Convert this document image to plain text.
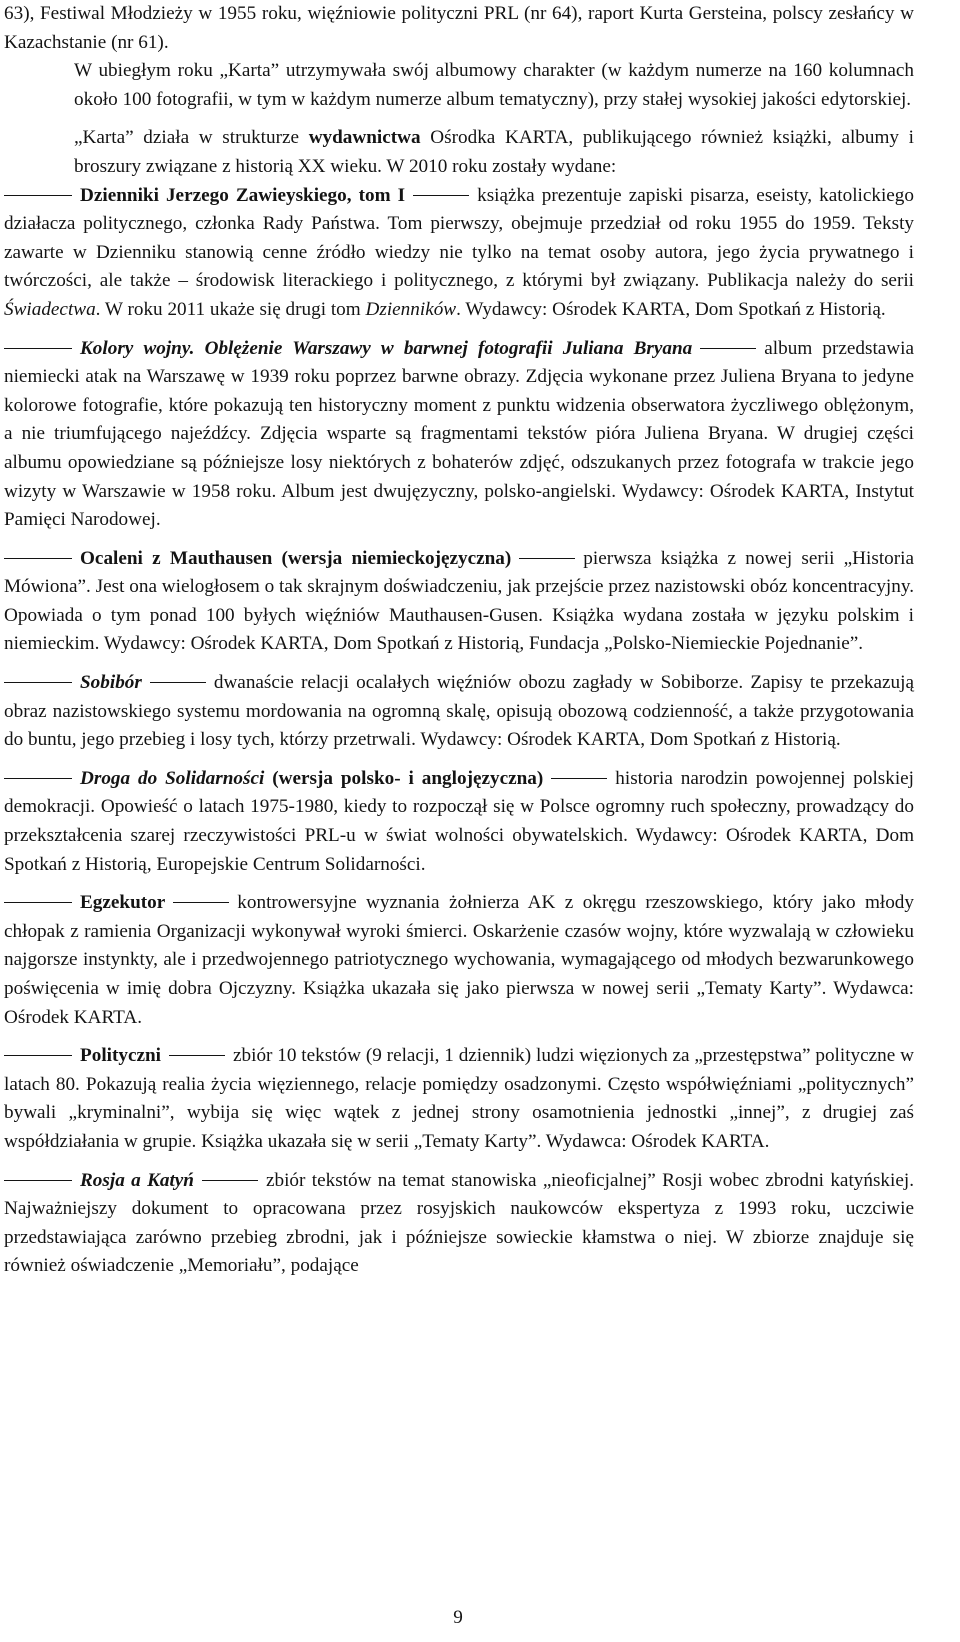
63), Festiwal Młodzieży w 1955 roku, więźniowie polityczni PRL (nr 64), raport Kurta Gersteina, polscy zesłańcy w Kazachstanie (nr 61).

W ubiegłym roku „Karta” utrzymywała swój albumowy charakter (w każdym numerze na 160 kolumnach około 100 fotografii, w tym w każdym numerze album tematyczny), przy stałej wysokiej jakości edytorskiej.

„Karta” działa w strukturze wydawnictwa Ośrodka KARTA, publikującego również książki, albumy i broszury związane z historią XX wieku. W 2010 roku zostały wydane:

Dzienniki Jerzego Zawieyskiego, tom I	książka prezentuje zapiski pisarza, eseisty, katolickiego działacza politycznego, członka Rady Państwa. Tom pierwszy, obejmuje przedział od roku 1955 do 1959. Teksty zawarte w Dzienniku stanowią cenne źródło wiedzy nie tylko na temat osoby autora, jego życia prywatnego i twórczości, ale także – środowisk literackiego i politycznego, z którymi był związany. Publikacja należy do serii Świadectwa. W roku 2011 ukaże się drugi tom Dzienników. Wydawcy: Ośrodek KARTA, Dom Spotkań z Historią.

Kolory wojny. Oblężenie Warszawy w barwnej fotografii Juliana Bryana	album przedstawia niemiecki atak na Warszawę w 1939 roku poprzez barwne obrazy. Zdjęcia wykonane przez Juliena Bryana to jedyne kolorowe fotografie, które pokazują ten historyczny moment z punktu widzenia obserwatora życzliwego oblężonym, a nie triumfującego najeźdźcy. Zdjęcia wsparte są fragmentami tekstów pióra Juliena Bryana. W drugiej części albumu opowiedziane są późniejsze losy niektórych z bohaterów zdjęć, odszukanych przez fotografa w trakcie jego wizyty w Warszawie w 1958 roku. Album jest dwujęzyczny, polsko-angielski. Wydawcy: Ośrodek KARTA, Instytut Pamięci Narodowej.

Ocaleni z Mauthausen (wersja niemieckojęzyczna)	pierwsza książka z nowej serii „Historia Mówiona”. Jest ona wielogłosem o tak skrajnym doświadczeniu, jak przejście przez nazistowski obóz koncentracyjny. Opowiada o tym ponad 100 byłych więźniów Mauthausen-Gusen. Książka wydana została w języku polskim i niemieckim. Wydawcy: Ośrodek KARTA, Dom Spotkań z Historią, Fundacja „Polsko-Niemieckie Pojednanie”.

Sobibór	dwanaście relacji ocalałych więźniów obozu zagłady w Sobiborze. Zapisy te przekazują obraz nazistowskiego systemu mordowania na ogromną skalę, opisują obozową codzienność, a także przygotowania do buntu, jego przebieg i losy tych, którzy przetrwali. Wydawcy: Ośrodek KARTA, Dom Spotkań z Historią.

Droga do Solidarności (wersja polsko- i anglojęzyczna)	historia narodzin powojennej polskiej demokracji. Opowieść o latach 1975-1980, kiedy to rozpoczął się w Polsce ogromny ruch społeczny, prowadzący do przekształcenia szarej rzeczywistości PRL-u w świat wolności obywatelskich. Wydawcy: Ośrodek KARTA, Dom Spotkań z Historią, Europejskie Centrum Solidarności.

Egzekutor	kontrowersyjne wyznania żołnierza AK z okręgu rzeszowskiego, który jako młody chłopak z ramienia Organizacji wykonywał wyroki śmierci. Oskarżenie czasów wojny, które wyzwalają w człowieku najgorsze instynkty, ale i przedwojennego patriotycznego wychowania, wymagającego od młodych bezwarunkowego poświęcenia w imię dobra Ojczyzny. Książka ukazała się jako pierwsza w nowej serii „Tematy Karty”. Wydawca: Ośrodek KARTA.

Polityczni	zbiór 10 tekstów (9 relacji, 1 dziennik) ludzi więzionych za „przestępstwa” polityczne w latach 80. Pokazują realia życia więziennego, relacje pomiędzy osadzonymi. Często współwięźniami „politycznych” bywali „kryminalni”, wybija się więc wątek z jednej strony osamotnienia jednostki „innej”, z drugiej zaś współdziałania w grupie. Książka ukazała się w serii „Tematy Karty”. Wydawca: Ośrodek KARTA.

Rosja a Katyń	zbiór tekstów na temat stanowiska „nieoficjalnej” Rosji wobec zbrodni katyńskiej. Najważniejszy dokument to opracowana przez rosyjskich naukowców ekspertyza z 1993 roku, uczciwie przedstawiająca zarówno przebieg zbrodni, jak i późniejsze sowieckie kłamstwa o niej. W zbiorze znajduje się również oświadczenie „Memoriału”, podające

9
